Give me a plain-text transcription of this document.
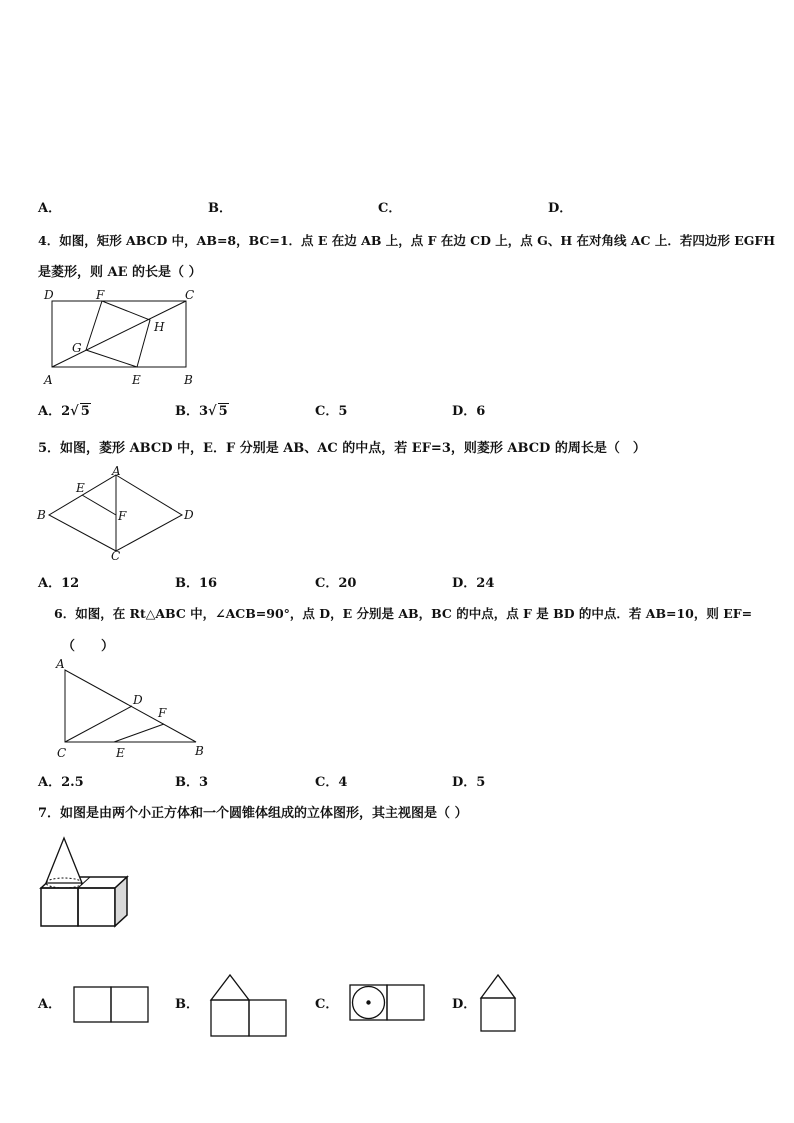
A．	B．	C．	D．
4．如图，矩形 ABCD 中，AB=8，BC=1．点 E 在边 AB 上，点 F 在边 CD 上，点 G、H 在对角线 AC 上．若四边形 EGFH
是菱形，则 AE 的长是（ ）
D	F	C
H
G
A	E	B
A．2√ 5	B．3√ 5	C．5	D．6
5．如图，菱形 ABCD 中，E．F 分别是 AB、AC 的中点，若 EF=3，则菱形 ABCD 的周长是（　）
A
E
B	F	D
C
A．12	B．16	C．20	D．24
6．如图，在 Rt△ABC 中，∠ACB=90°，点 D，E 分别是 AB，BC 的中点，点 F 是 BD 的中点．若 AB=10，则 EF=
（　　）
A
D
F
C	E	B
A．2.5	B．3	C．4	D．5
7．如图是由两个小正方体和一个圆锥体组成的立体图形，其主视图是（ ）
A．	B．	C．	D．
